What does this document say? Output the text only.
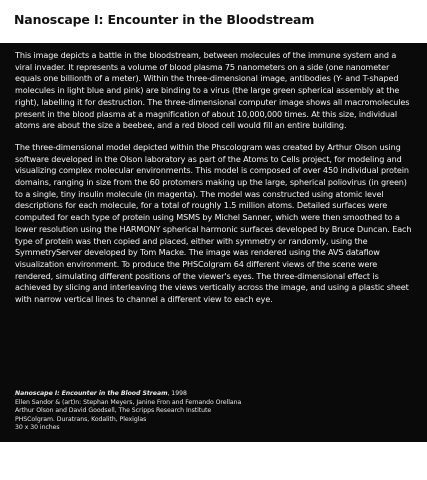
Nanoscape I: Encounter in the Bloodstream

This image depicts a battle in the bloodstream, between molecules of the immune system and a viral invader. It represents a volume of blood plasma 75 nanometers on a side (one nanometer equals one billionth of a meter). Within the three-dimensional image, antibodies (Y- and T-shaped molecules in light blue and pink) are binding to a virus (the large green spherical assembly at the right), labelling it for destruction. The three-dimensional computer image shows all macromolecules present in the blood plasma at a magnification of about 10,000,000 times. At this size, individual atoms are about the size a beebee, and a red blood cell would fill an entire building.

The three-dimensional model depicted within the Phscologram was created by Arthur Olson using software developed in the Olson laboratory as part of the Atoms to Cells project, for modeling and visualizing complex molecular environments. This model is composed of over 450 individual protein domains, ranging in size from the 60 protomers making up the large, spherical poliovirus (in green) to a single, tiny insulin molecule (in magenta). The model was constructed using atomic level descriptions for each molecule, for a total of roughly 1.5 million atoms. Detailed surfaces were computed for each type of protein using MSMS by Michel Sanner, which were then smoothed to a lower resolution using the HARMONY spherical harmonic surfaces developed by Bruce Duncan. Each type of protein was then copied and placed, either with symmetry or randomly, using the SymmetryServer developed by Tom Macke. The image was rendered using the AVS dataflow visualization environment. To produce the PHSColgram 64 different views of the scene were rendered, simulating different positions of the viewer's eyes. The three-dimensional effect is achieved by slicing and interleaving the views vertically across the image, and using a plastic sheet with narrow vertical lines to channel a different view to each eye.

Nanoscape I: Encounter in the Blood Stream, 1998
Ellen Sandor & (art)n: Stephan Meyers, Janine Fron and Fernando Orellana
Arthur Olson and David Goodsell, The Scripps Research Institute
PHSColgram. Duratrans, Kodalith, Plexiglas
30 x 30 inches
